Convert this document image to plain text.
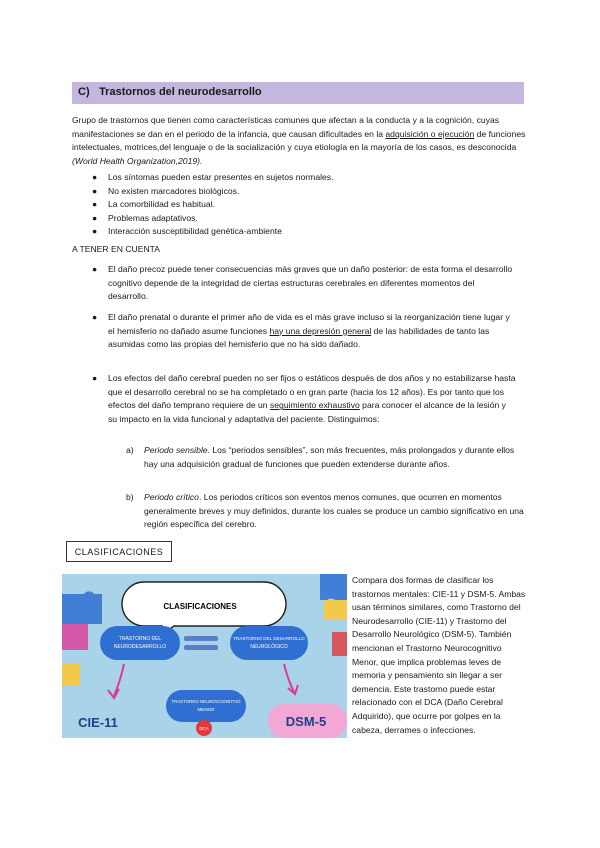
C) Trastornos del neurodesarrollo
Grupo de trastornos que tienen como características comunes que afectan a la conducta y a la cognición, cuyas manifestaciones se dan en el periodo de la infancia, que causan dificultades en la adquisición o ejecución de funciones intelectuales, motrices,del lenguaje o de la socialización y cuya etiología en la mayoría de los casos, es desconocida (World Health Organization,2019).
● Los síntomas pueden estar presentes en sujetos normales.
● No existen marcadores biológicos.
● La comorbilidad es habitual.
● Problemas adaptativos.
● Interacción susceptibilidad genética-ambiente
A TENER EN CUENTA
● El daño precoz puede tener consecuencias más graves que un daño posterior: de esta forma el desarrollo cognitivo depende de la integridad de ciertas estructuras cerebrales en diferentes momentos del desarrollo.
● El daño prenatal o durante el primer año de vida es el más grave incluso si la reorganización tiene lugar y el hemisferio no dañado asume funciones hay una depresión general de las habilidades de tanto las asumidas como las propias del hemisferio que no ha sido dañado.
● Los efectos del daño cerebral pueden no ser fijos o estáticos después de dos años y no estabilizarse hasta que el desarrollo cerebral no se ha completado o en gran parte (hacia los 12 años). Es por tanto que los efectos del daño temprano requiere de un seguimiento exhaustivo para conocer el alcance de la lesión y su impacto en la vida funcional y adaptativa del paciente. Distinguimos:
a) Periodo sensible. Los “periodos sensibles”, son más frecuentes, más prolongados y durante ellos hay una adquisición gradual de funciones que pueden extenderse durante años.
b) Periodo crítico. Los periodos críticos son eventos menos comunes, que ocurren en momentos generalmente breves y muy definidos, durante los cuales se produce un cambio significativo en una región específica del cerebro.
CLASIFICACIONES
CLASIFICACIONES
TRASTORNO DEL
NEURODESARROLLO
TRASTORNO DEL DESARROLLO
NEUROLÓGICO
CIE-11
TRASTORNO NEUROCOGNITIVO
MENOR
DCA	DSM-5
Compara dos formas de clasificar los trastornos mentales: CIE-11 y DSM-5. Ambas usan términos similares, como Trastorno del Neurodesarrollo (CIE-11) y Trastorno del Desarrollo Neurológico (DSM-5). También mencionan el Trastorno Neurocognitivo Menor, que implica problemas leves de memoria y pensamiento sin llegar a ser demencia. Este trastorno puede estar relacionado con el DCA (Daño Cerebral Adquirido), que ocurre por golpes en la cabeza, derrames o infecciones.
